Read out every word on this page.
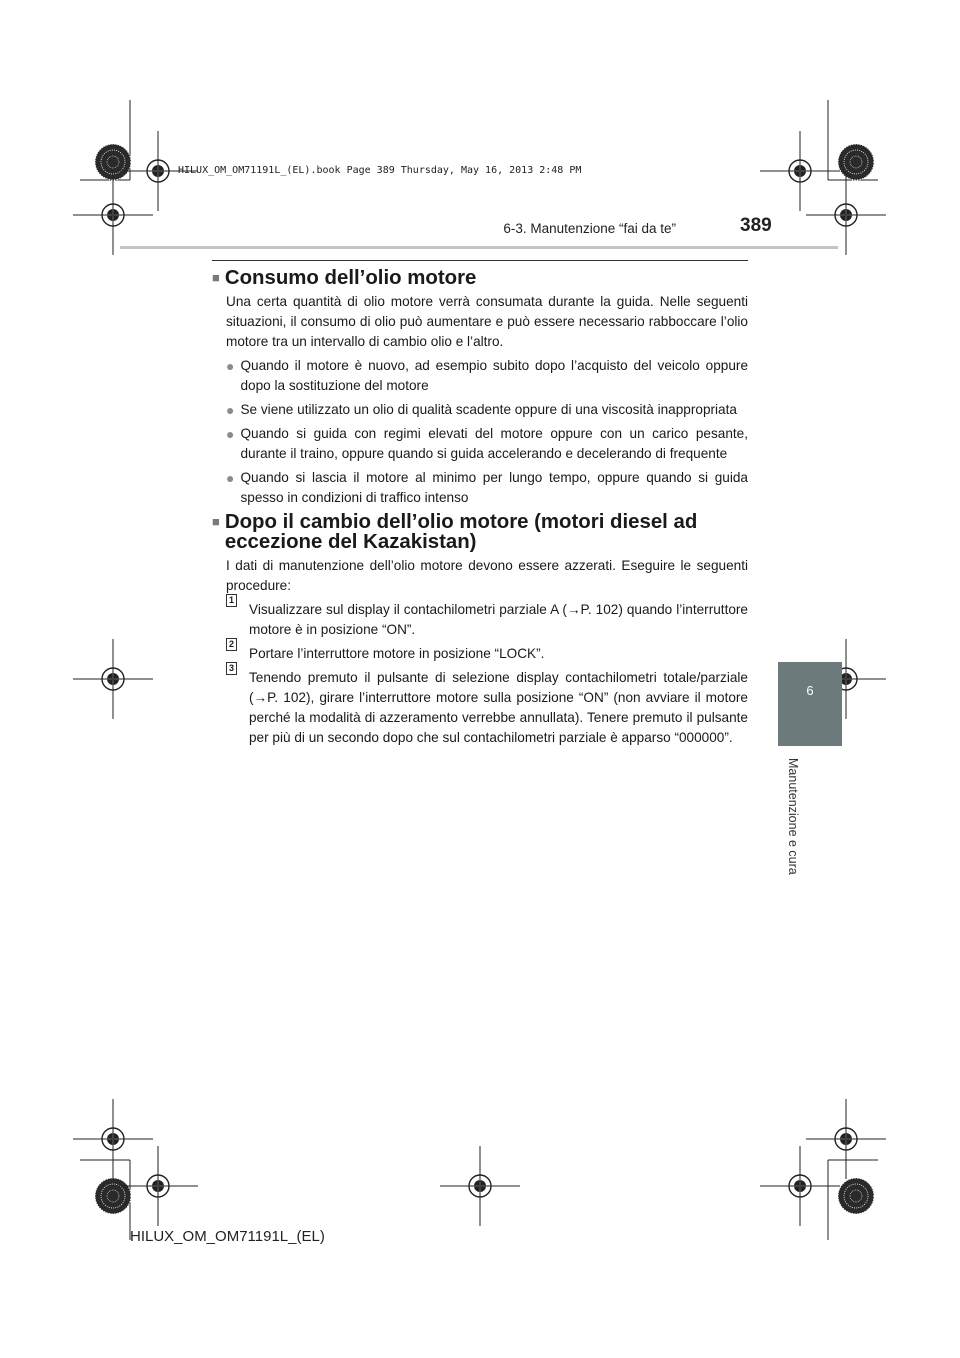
HILUX_OM_OM71191L_(EL).book Page 389 Thursday, May 16, 2013 2:48 PM
6-3. Manutenzione “fai da te”	389
6
Manutenzione e cura
■ Consumo dell’olio motore

Una certa quantità di olio motore verrà consumata durante la guida. Nelle seguenti situazioni, il consumo di olio può aumentare e può essere necessario rabboccare l’olio motore tra un intervallo di cambio olio e l’altro.

● Quando il motore è nuovo, ad esempio subito dopo l’acquisto del veicolo oppure dopo la sostituzione del motore
● Se viene utilizzato un olio di qualità scadente oppure di una viscosità inappropriata
● Quando si guida con regimi elevati del motore oppure con un carico pesante, durante il traino, oppure quando si guida accelerando e decelerando di frequente
● Quando si lascia il motore al minimo per lungo tempo, oppure quando si guida spesso in condizioni di traffico intenso
■ Dopo il cambio dell’olio motore (motori diesel ad eccezione del Kazakistan)

I dati di manutenzione dell’olio motore devono essere azzerati. Eseguire le seguenti procedure:

1
Visualizzare sul display il contachilometri parziale A (→P. 102) quando l’interruttore motore è in posizione “ON”.
2
Portare l’interruttore motore in posizione “LOCK”.
3
Tenendo premuto il pulsante di selezione display contachilometri totale/parziale (→P. 102), girare l’interruttore motore sulla posizione “ON” (non avviare il motore perché la modalità di azzeramento verrebbe annullata). Tenere premuto il pulsante per più di un secondo dopo che sul contachilometri parziale è apparso “000000”.
HILUX_OM_OM71191L_(EL)
